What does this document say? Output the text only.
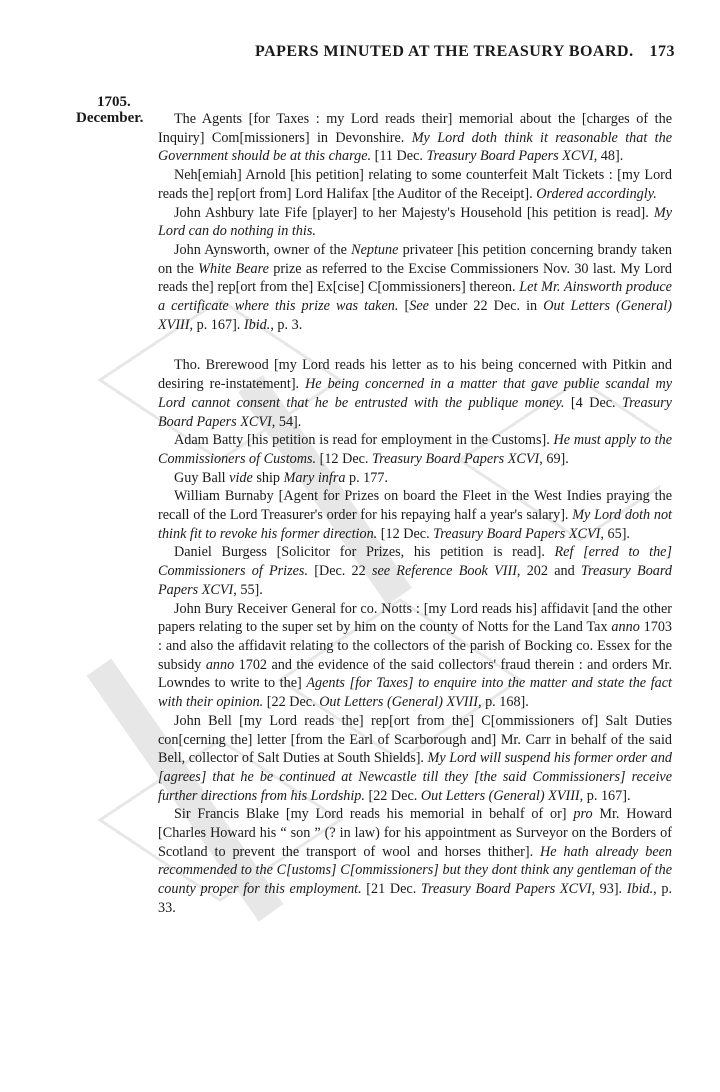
PAPERS MINUTED AT THE TREASURY BOARD. 173
1705.
December.	The Agents [for Taxes : my Lord reads their] memorial about the [charges of the Inquiry] Com[missioners] in Devonshire. My Lord doth think it reasonable that the Government should be at this charge. [11 Dec. Treasury Board Papers XCVI, 48].

Neh[emiah] Arnold [his petition] relating to some counterfeit Malt Tickets : [my Lord reads the] rep[ort from] Lord Halifax [the Auditor of the Receipt]. Ordered accordingly.

John Ashbury late Fife [player] to her Majesty's Household [his petition is read]. My Lord can do nothing in this.

John Aynsworth, owner of the Neptune privateer [his petition concerning brandy taken on the White Beare prize as referred to the Excise Commissioners Nov. 30 last. My Lord reads the] rep[ort from the] Ex[cise] C[ommissioners] thereon. Let Mr. Ainsworth produce a certificate where this prize was taken. [See under 22 Dec. in Out Letters (General) XVIII, p. 167]. Ibid., p. 3.

Tho. Brerewood [my Lord reads his letter as to his being concerned with Pitkin and desiring re-instatement]. He being concerned in a matter that gave publie scandal my Lord cannot consent that he be entrusted with the publique money. [4 Dec. Treasury Board Papers XCVI, 54].

Adam Batty [his petition is read for employment in the Customs]. He must apply to the Commissioners of Customs. [12 Dec. Treasury Board Papers XCVI, 69].

Guy Ball vide ship Mary infra p. 177.

William Burnaby [Agent for Prizes on board the Fleet in the West Indies praying the recall of the Lord Treasurer's order for his repaying half a year's salary]. My Lord doth not think fit to revoke his former direction. [12 Dec. Treasury Board Papers XCVI, 65].

Daniel Burgess [Solicitor for Prizes, his petition is read]. Ref [erred to the] Commissioners of Prizes. [Dec. 22 see Reference Book VIII, 202 and Treasury Board Papers XCVI, 55].

John Bury Receiver General for co. Notts : [my Lord reads his] affidavit [and the other papers relating to the super set by him on the county of Notts for the Land Tax anno 1703 : and also the affidavit relating to the collectors of the parish of Bocking co. Essex for the subsidy anno 1702 and the evidence of the said collectors' fraud therein : and orders Mr. Lowndes to write to the] Agents [for Taxes] to enquire into the matter and state the fact with their opinion. [22 Dec. Out Letters (General) XVIII, p. 168].

John Bell [my Lord reads the] rep[ort from the] C[ommissioners of] Salt Duties con[cerning the] letter [from the Earl of Scarborough and] Mr. Carr in behalf of the said Bell, collector of Salt Duties at South Shields]. My Lord will suspend his former order and [agrees] that he be continued at Newcastle till they [the said Commissioners] receive further directions from his Lordship. [22 Dec. Out Letters (General) XVIII, p. 167].

Sir Francis Blake [my Lord reads his memorial in behalf of or] pro Mr. Howard [Charles Howard his “ son ” (? in law) for his appointment as Surveyor on the Borders of Scotland to prevent the transport of wool and horses thither]. He hath already been recommended to the C[ustoms] C[ommissioners] but they dont think any gentleman of the county proper for this employment. [21 Dec. Treasury Board Papers XCVI, 93]. Ibid., p. 33.
